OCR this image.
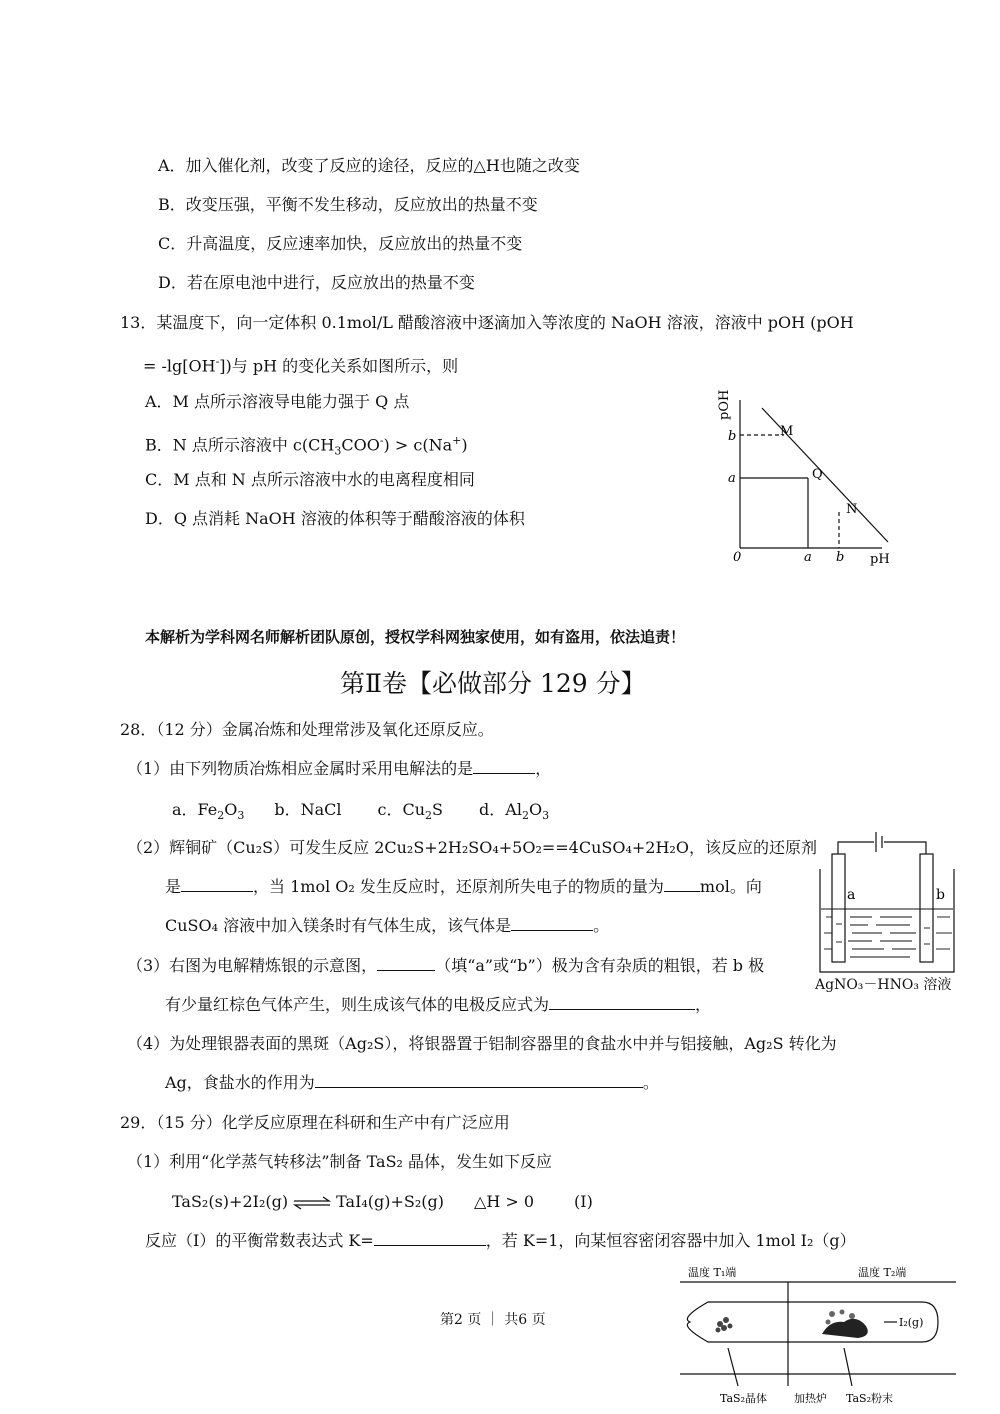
A．加入催化剂，改变了反应的途径，反应的△H也随之改变
B．改变压强，平衡不发生移动，反应放出的热量不变
C．升高温度，反应速率加快，反应放出的热量不变
D．若在原电池中进行，反应放出的热量不变
13．某温度下，向一定体积 0.1mol/L 醋酸溶液中逐滴加入等浓度的 NaOH 溶液，溶液中 pOH (pOH
= -lg[OH-])与 pH 的变化关系如图所示，则
A．M 点所示溶液导电能力强于 Q 点
B．N 点所示溶液中 $c(CH_3COO^-) > c(Na^+)$
C．M 点和 N 点所示溶液中水的电离程度相同
D．Q 点消耗 NaOH 溶液的体积等于醋酸溶液的体积
pOH
pH
0
b
a
a b
M
Q
N
本解析为学科网名师解析团队原创，授权学科网独家使用，如有盗用，依法追责！
第Ⅱ卷【必做部分 129 分】
28．（12 分）金属冶炼和处理常涉及氧化还原反应。
（1）由下列物质冶炼相应金属时采用电解法的是	，
a．$Fe_2O_3$ b．NaCl c．$Cu_2S$ d．$Al_2O_3$
（2）辉铜矿（Cu₂S）可发生反应 2Cu₂S+2H₂SO₄+5O₂==4CuSO₄+2H₂O，该反应的还原剂
是	，当 1mol O₂ 发生反应时，还原剂所失电子的物质的量为 mol。向
CuSO₄ 溶液中加入镁条时有气体生成，该气体是	。
（3）右图为电解精炼银的示意图，	（填“a”或“b”）极为含有杂质的粗银，若 b 极
有少量红棕色气体产生，则生成该气体的电极反应式为	，
（4）为处理银器表面的黑斑（Ag₂S），将银器置于铝制容器里的食盐水中并与铝接触，Ag₂S 转化为
Ag，食盐水的作用为	。
a	b
AgNO₃－HNO₃ 溶液
29．（15 分）化学反应原理在科研和生产中有广泛应用
（1）利用“化学蒸气转移法”制备 TaS₂ 晶体，发生如下反应
TaS₂(s)+2I₂(g) ⇌ TaI₄(g)+S₂(g) △H > 0	(I)
反应（I）的平衡常数表达式 K=	，若 K=1，向某恒容密闭容器中加入 1mol I₂（g）
温度 T₁端	温度 T₂端
I₂(g)
TaS₂晶体 加热炉 TaS₂粉末
第2 页 ｜ 共6 页
